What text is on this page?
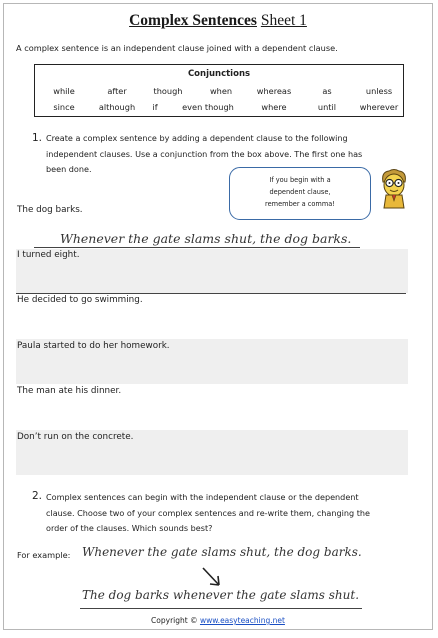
Complex Sentences Sheet 1
A complex sentence is an independent clause joined with a dependent clause.
Conjunctions
while	after	though	when	whereas	as	unless
since	although if	even though	where	until	wherever
1. Create a complex sentence by adding a dependent clause to the following
independent clauses. Use a conjunction from the box above. The first one has
been done.
If you begin with a
dependent clause,
remember a comma!
The dog barks.
Whenever the gate slams shut, the dog barks.
I turned eight.
He decided to go swimming.
Paula started to do her homework.
The man ate his dinner.
Don’t run on the concrete.
2. Complex sentences can begin with the independent clause or the dependent
clause. Choose two of your complex sentences and re-write them, changing the
order of the clauses. Which sounds best?
For example: Whenever the gate slams shut, the dog barks.
The dog barks whenever the gate slams shut.
Copyright © www.easyteaching.net
